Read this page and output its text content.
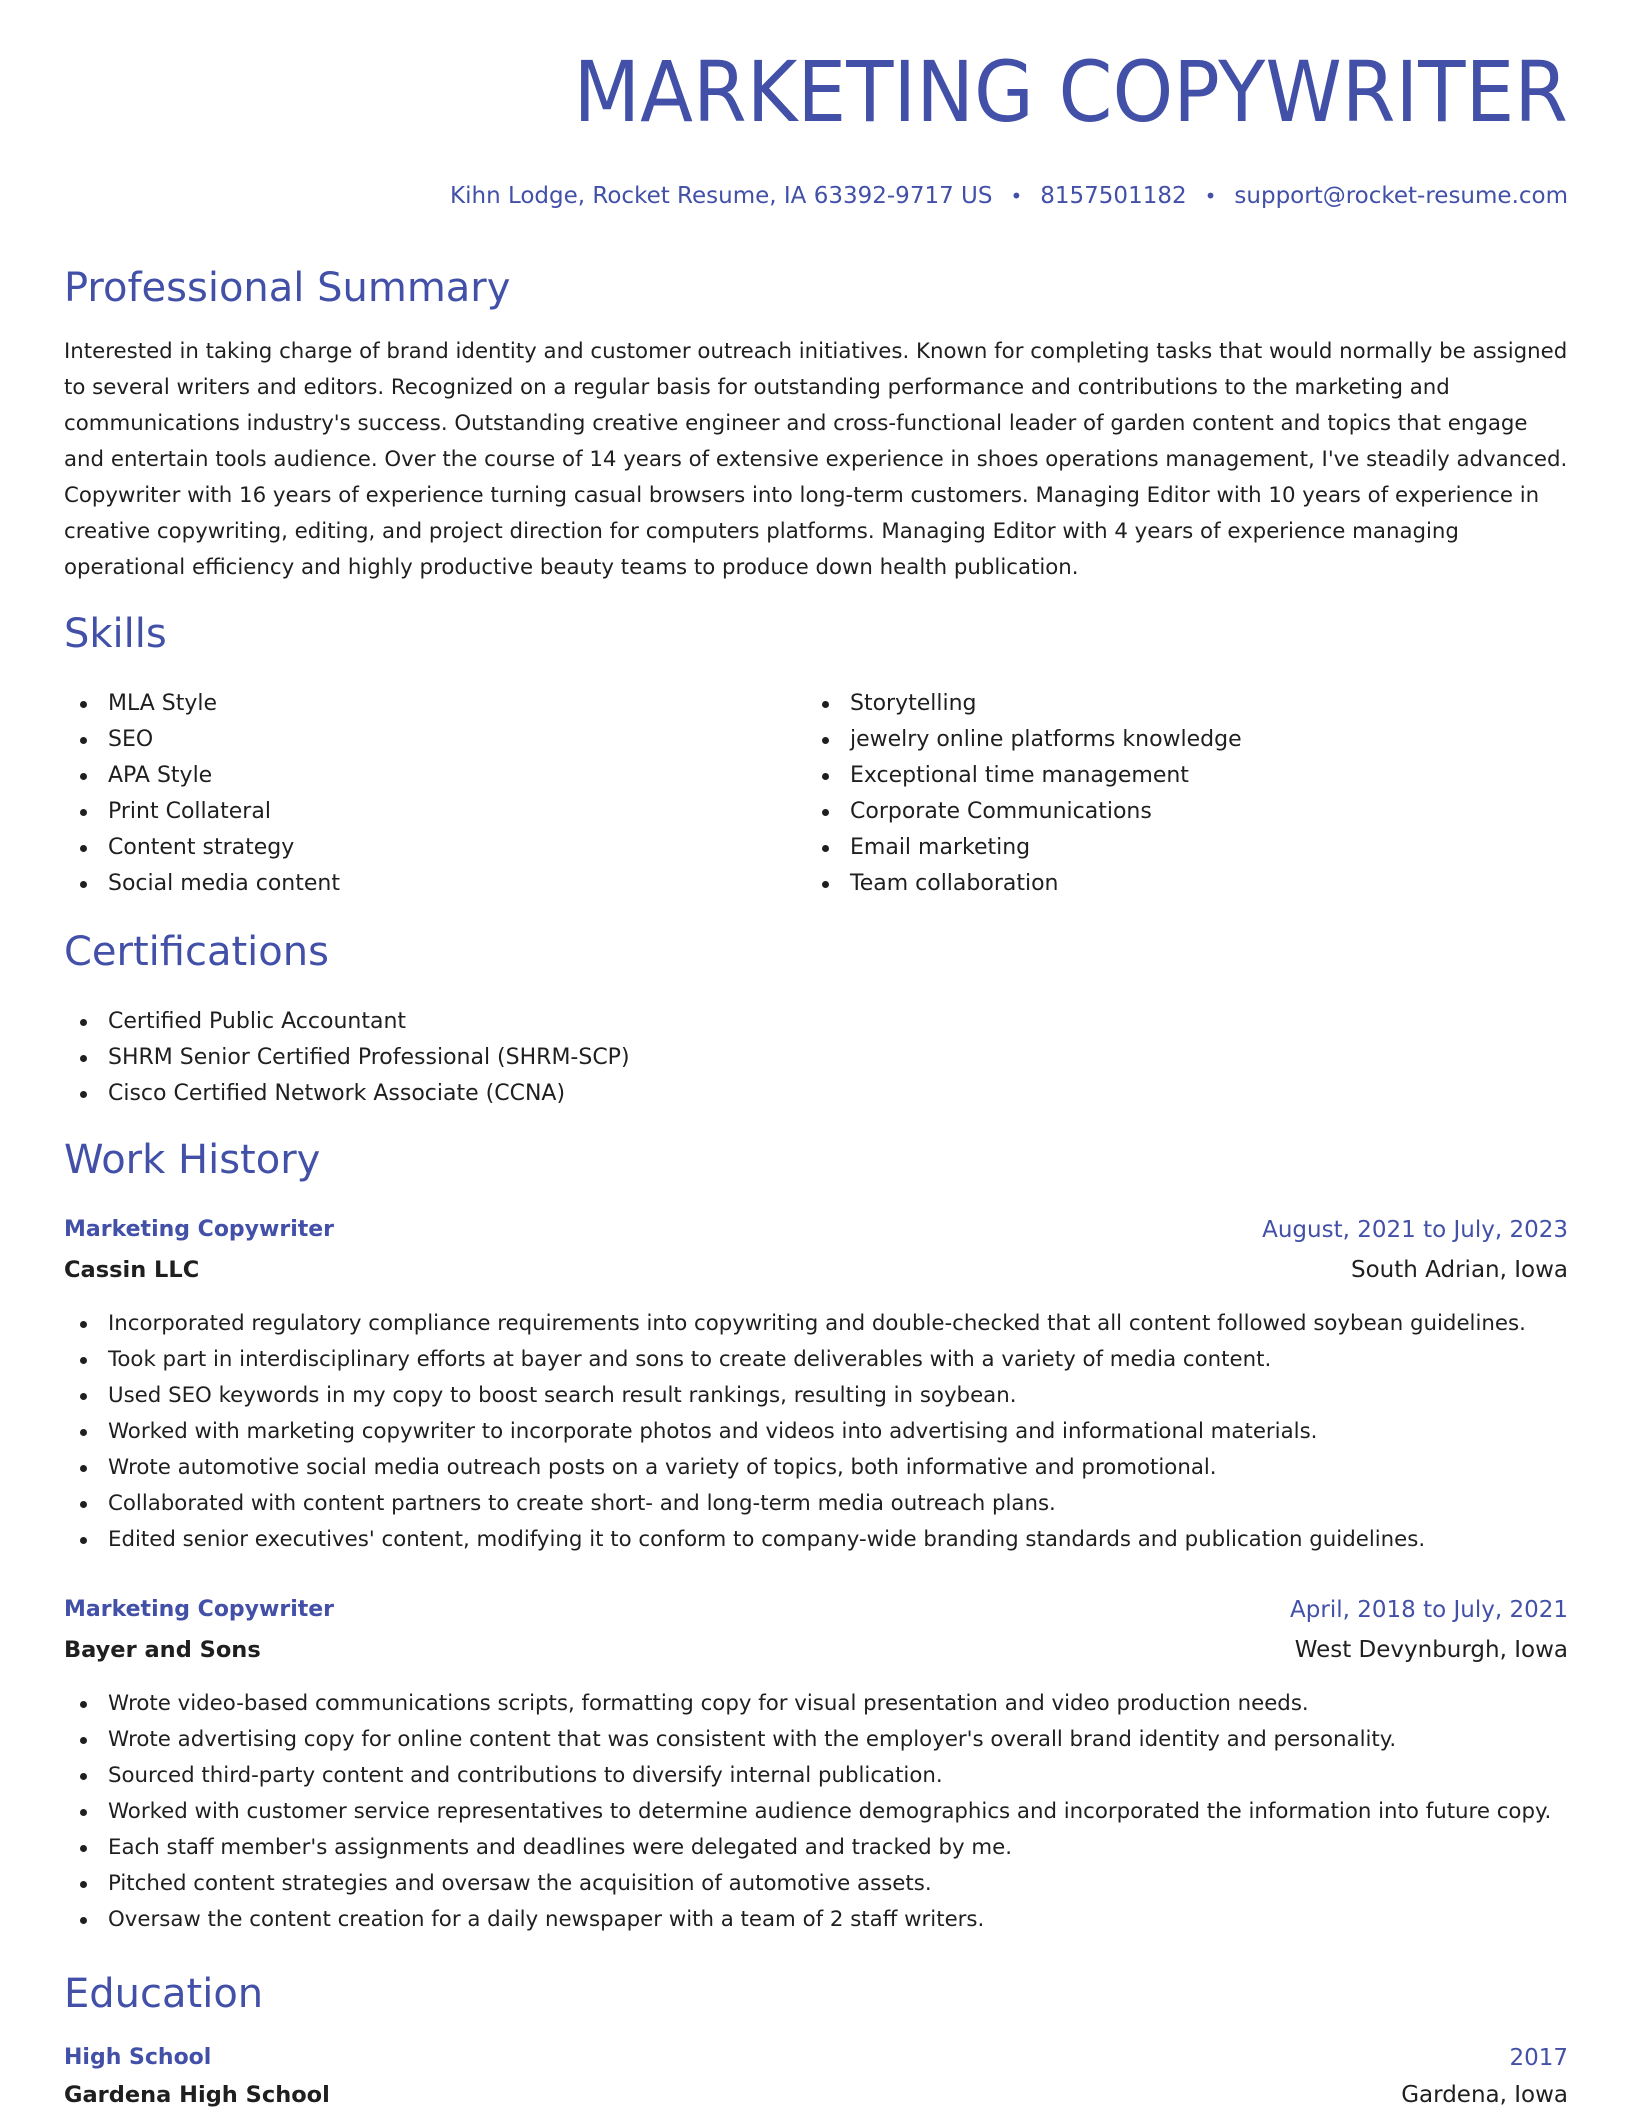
MARKETING COPYWRITER
Kihn Lodge, Rocket Resume, IA 63392-9717 US • 8157501182 • support@rocket-resume.com
Professional Summary

Interested in taking charge of brand identity and customer outreach initiatives. Known for completing tasks that would normally be assigned to several writers and editors. Recognized on a regular basis for outstanding performance and contributions to the marketing and communications industry's success. Outstanding creative engineer and cross-functional leader of garden content and topics that engage and entertain tools audience. Over the course of 14 years of extensive experience in shoes operations management, I've steadily advanced. Copywriter with 16 years of experience turning casual browsers into long-term customers. Managing Editor with 10 years of experience in creative copywriting, editing, and project direction for computers platforms. Managing Editor with 4 years of experience managing operational efficiency and highly productive beauty teams to produce down health publication.

Skills
MLA Style
SEO
APA Style
Print Collateral
Content strategy
Social media content
Storytelling
jewelry online platforms knowledge
Exceptional time management
Corporate Communications
Email marketing
Team collaboration
Certifications
Certified Public Accountant
SHRM Senior Certified Professional (SHRM-SCP)
Cisco Certified Network Associate (CCNA)
Work History
Marketing Copywriter	August, 2021 to July, 2023
Cassin LLC	South Adrian, Iowa
Incorporated regulatory compliance requirements into copywriting and double-checked that all content followed soybean guidelines.
Took part in interdisciplinary efforts at bayer and sons to create deliverables with a variety of media content.
Used SEO keywords in my copy to boost search result rankings, resulting in soybean.
Worked with marketing copywriter to incorporate photos and videos into advertising and informational materials.
Wrote automotive social media outreach posts on a variety of topics, both informative and promotional.
Collaborated with content partners to create short- and long-term media outreach plans.
Edited senior executives' content, modifying it to conform to company-wide branding standards and publication guidelines.
Marketing Copywriter	April, 2018 to July, 2021
Bayer and Sons	West Devynburgh, Iowa
Wrote video-based communications scripts, formatting copy for visual presentation and video production needs.
Wrote advertising copy for online content that was consistent with the employer's overall brand identity and personality.
Sourced third-party content and contributions to diversify internal publication.
Worked with customer service representatives to determine audience demographics and incorporated the information into future copy.
Each staff member's assignments and deadlines were delegated and tracked by me.
Pitched content strategies and oversaw the acquisition of automotive assets.
Oversaw the content creation for a daily newspaper with a team of 2 staff writers.
Education
High School	2017
Gardena High School	Gardena, Iowa
